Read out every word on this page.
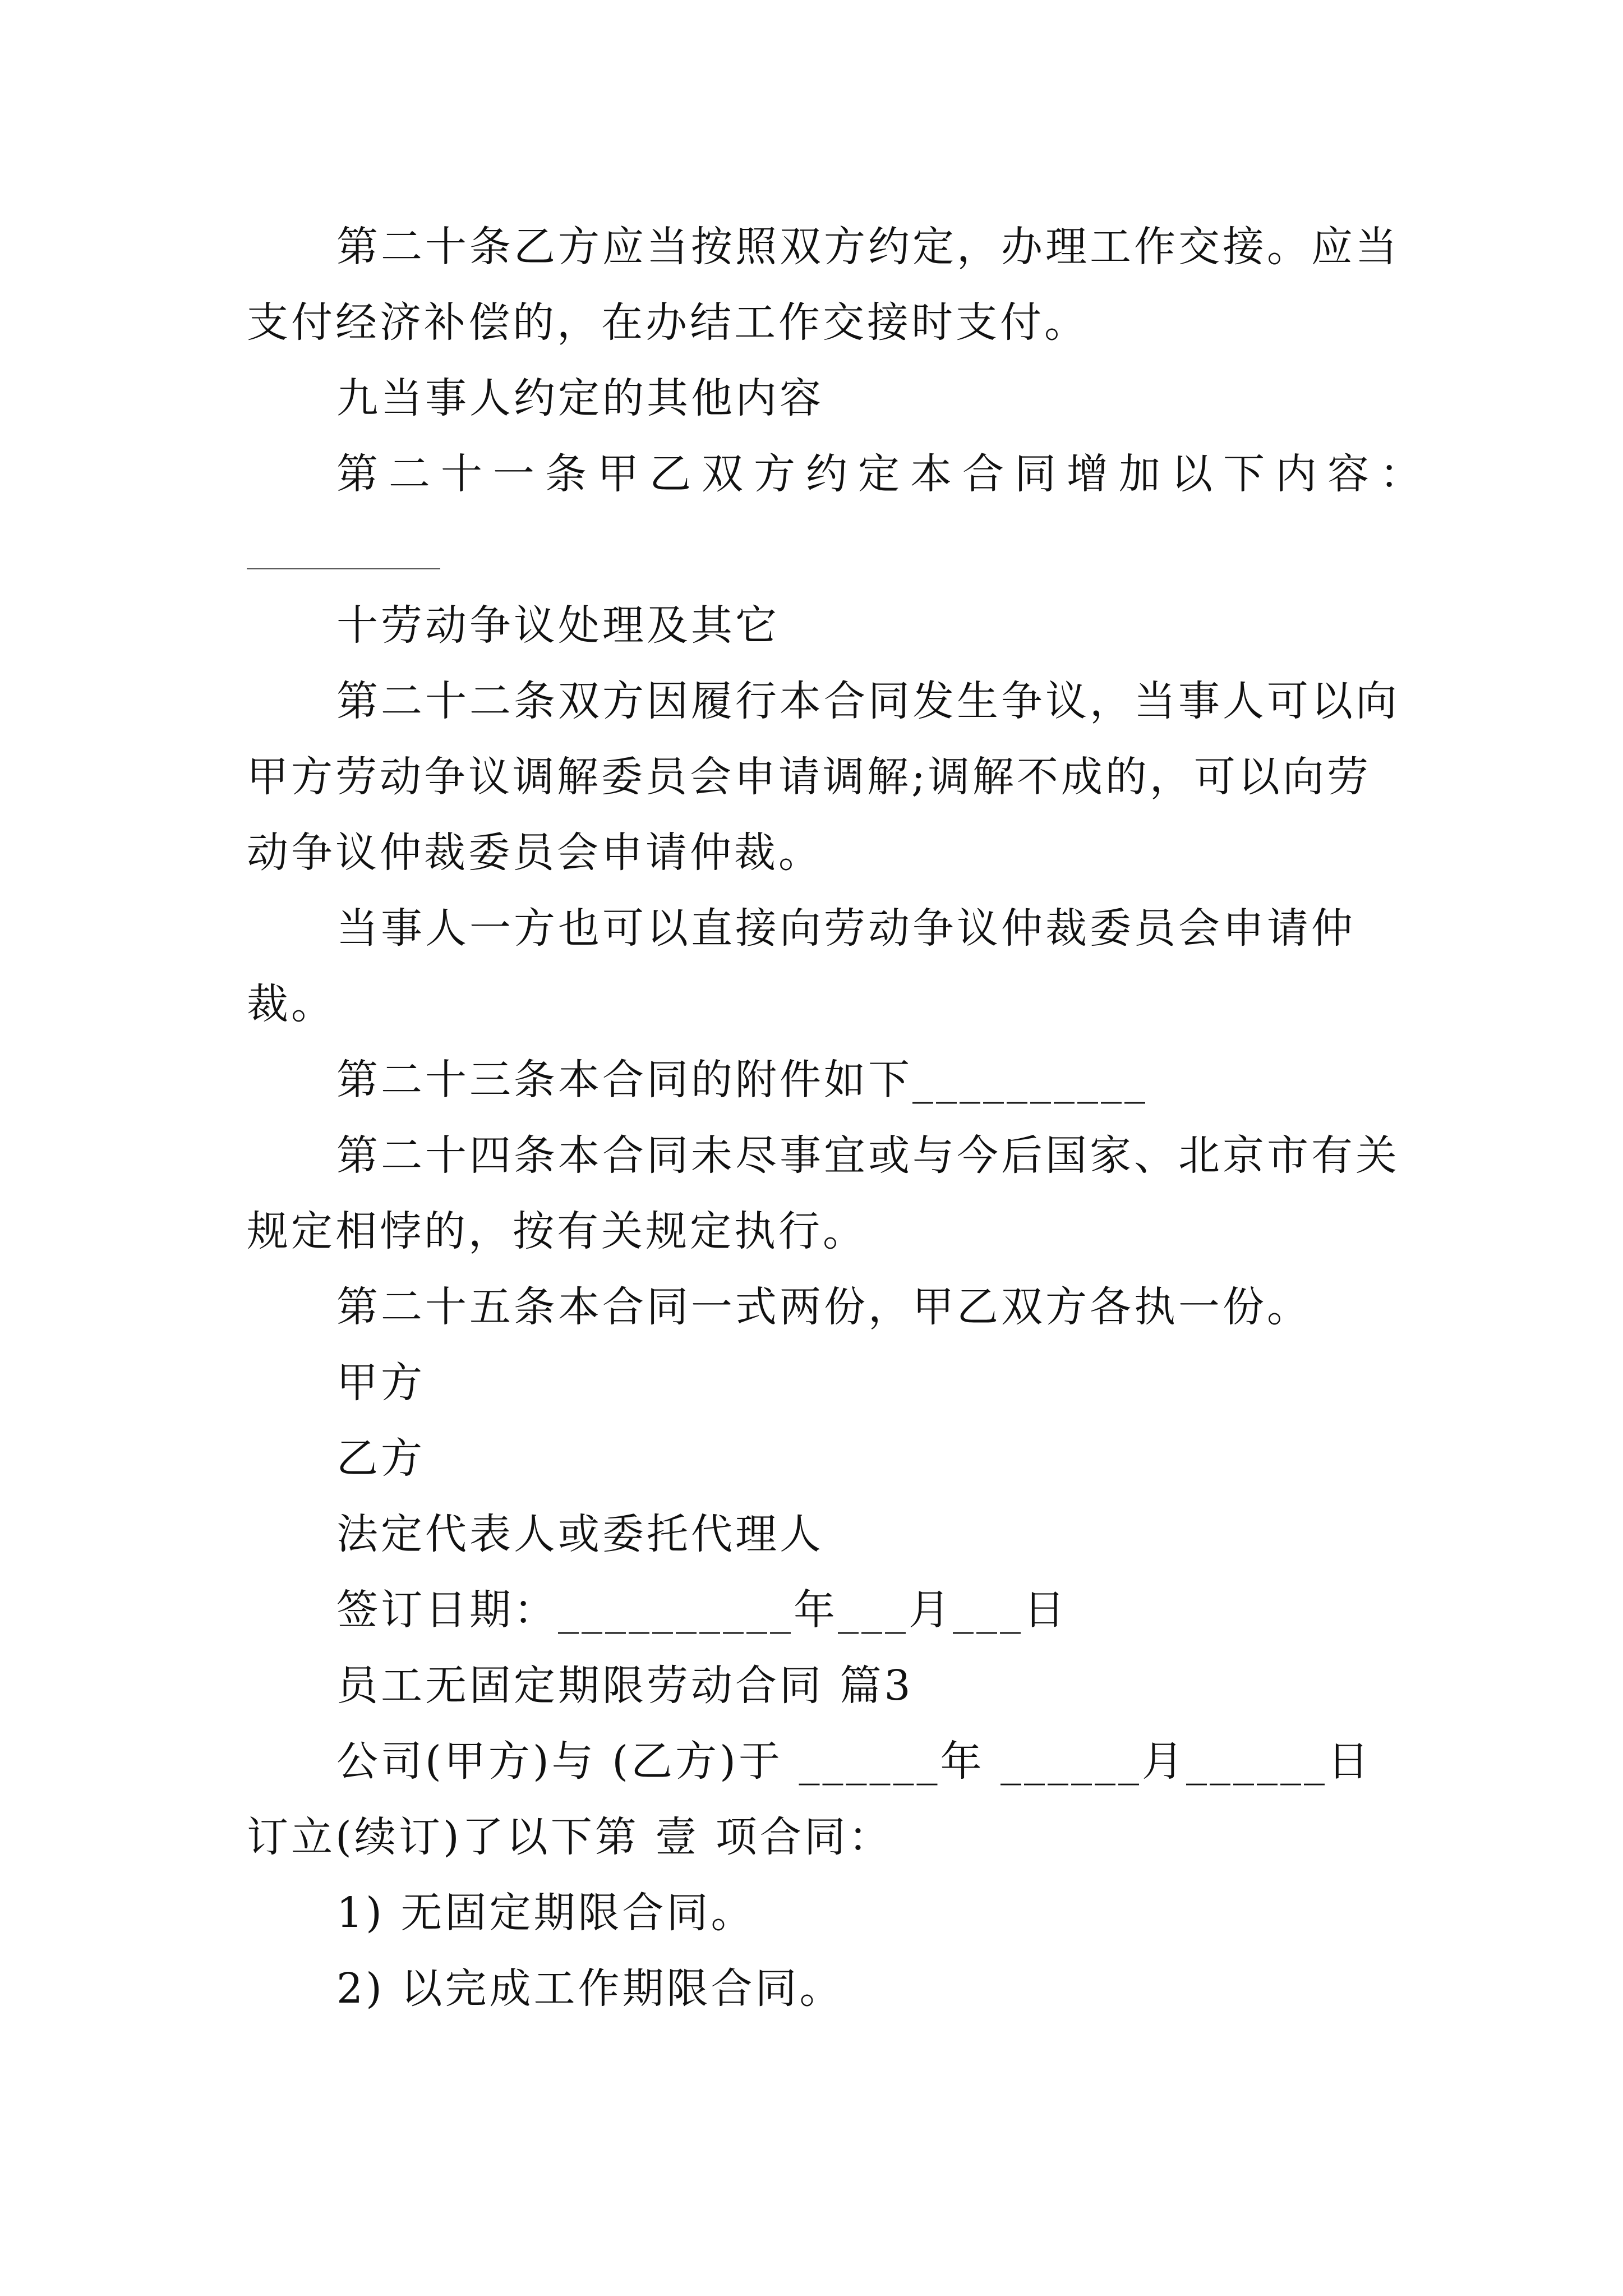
第二十条乙方应当按照双方约定，办理工作交接。应当
支付经济补偿的，在办结工作交接时支付。
九当事人约定的其他内容
第二十一条甲乙双方约定本合同增加以下内容：
十劳动争议处理及其它
第二十二条双方因履行本合同发生争议，当事人可以向
甲方劳动争议调解委员会申请调解;调解不成的，可以向劳
动争议仲裁委员会申请仲裁。
当事人一方也可以直接向劳动争议仲裁委员会申请仲
裁。
第二十三条本合同的附件如下__________
第二十四条本合同未尽事宜或与今后国家、北京市有关
规定相悖的，按有关规定执行。
第二十五条本合同一式两份，甲乙双方各执一份。
甲方
乙方
法定代表人或委托代理人
签订日期：__________年___月___日
员工无固定期限劳动合同 篇3
公司(甲方)与 (乙方)于 ______年 ______月______日
订立(续订)了以下第 壹 项合同：
1) 无固定期限合同。
2) 以完成工作期限合同。
